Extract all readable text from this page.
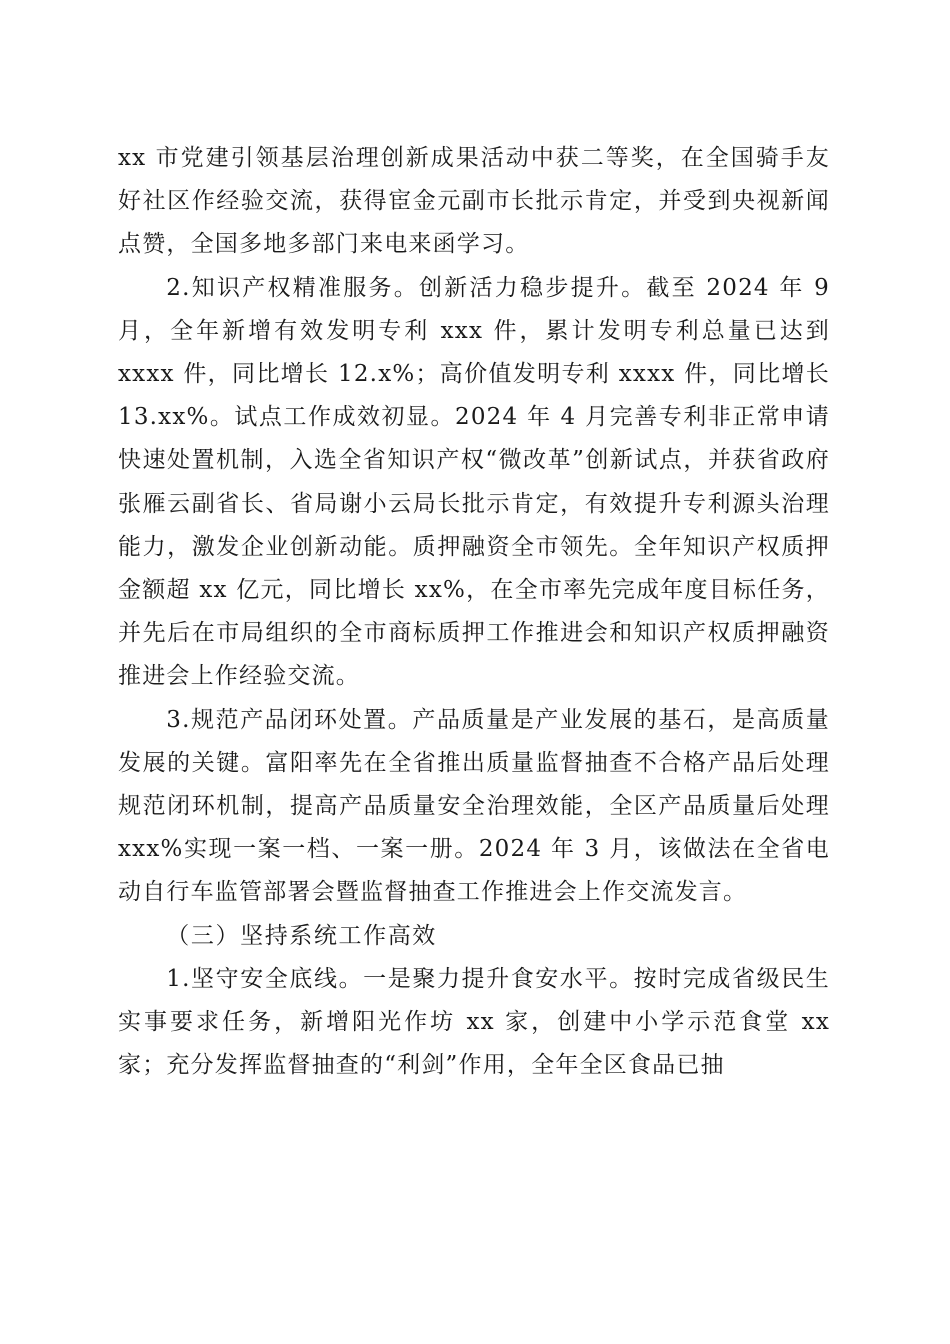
xx 市党建引领基层治理创新成果活动中获二等奖，在全国骑手友好社区作经验交流，获得宦金元副市长批示肯定，并受到央视新闻点赞，全国多地多部门来电来函学习。

2.知识产权精准服务。创新活力稳步提升。截至 2024 年 9 月，全年新增有效发明专利 xxx 件，累计发明专利总量已达到 xxxx 件，同比增长 12.x%；高价值发明专利 xxxx 件，同比增长 13.xx%。试点工作成效初显。2024 年 4 月完善专利非正常申请快速处置机制，入选全省知识产权“微改革”创新试点，并获省政府张雁云副省长、省局谢小云局长批示肯定，有效提升专利源头治理能力，激发企业创新动能。质押融资全市领先。全年知识产权质押金额超 xx 亿元，同比增长 xx%，在全市率先完成年度目标任务，并先后在市局组织的全市商标质押工作推进会和知识产权质押融资推进会上作经验交流。

3.规范产品闭环处置。产品质量是产业发展的基石，是高质量发展的关键。富阳率先在全省推出质量监督抽查不合格产品后处理规范闭环机制，提高产品质量安全治理效能，全区产品质量后处理 xxx%实现一案一档、一案一册。2024 年 3 月，该做法在全省电动自行车监管部署会暨监督抽查工作推进会上作交流发言。

（三）坚持系统工作高效

1.坚守安全底线。一是聚力提升食安水平。按时完成省级民生实事要求任务，新增阳光作坊 xx 家，创建中小学示范食堂 xx 家；充分发挥监督抽查的“利剑”作用，全年全区食品已抽
